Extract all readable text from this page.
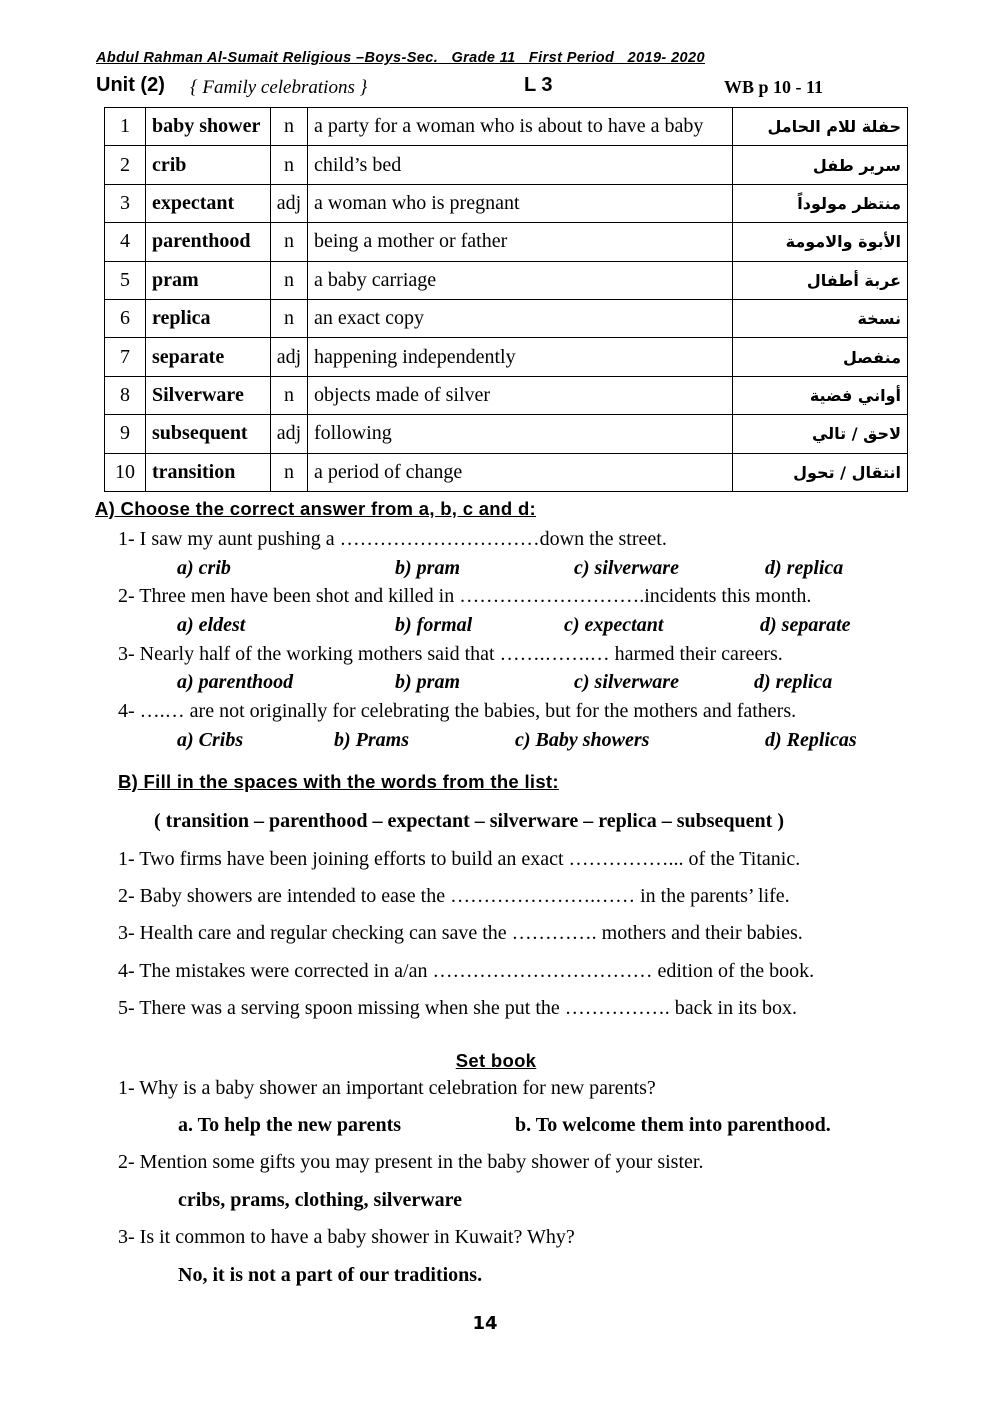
Abdul Rahman Al-Sumait Religious –Boys-Sec.   Grade 11   First Period   2019- 2020
Unit (2) { Family celebrations }	L 3	WB p 10 - 11
1	baby shower	n	a party for a woman who is about to have a baby	حفلة للام الحامل
2	crib	n	child’s bed	سرير طفل
3	expectant	adj	a woman who is pregnant	منتظر مولوداً
4	parenthood	n	being a mother or father	الأبوة والامومة
5	pram	n	a baby carriage	عربة أطفال
6	replica	n	an exact copy	نسخة
7	separate	adj	happening independently	منفصل
8	Silverware	n	objects made of silver	أواني فضية
9	subsequent	adj	following	لاحق / تالي
10	transition	n	a period of change	انتقال / تحول
A) Choose the correct answer from a, b, c and d:
1- I saw my aunt pushing a …………………………down the street.
a) crib	b) pram	c) silverware	d) replica
2- Three men have been shot and killed in ……………………….incidents this month.
a) eldest	b) formal	c) expectant	d) separate
3- Nearly half of the working mothers said that …….…….… harmed their careers.
a) parenthood	b) pram	c) silverware	d) replica
4- ….… are not originally for celebrating the babies, but for the mothers and fathers.
a) Cribs	b) Prams	c) Baby showers	d) Replicas
B) Fill in the spaces with the words from the list:
( transition – parenthood – expectant – silverware – replica – subsequent )
1- Two firms have been joining efforts to build an exact ……………... of the Titanic.
2- Baby showers are intended to ease the ………………….…… in the parents’ life.
3- Health care and regular checking can save the …………. mothers and their babies.
4- The mistakes were corrected in a/an …………………………… edition of the book.
5- There was a serving spoon missing when she put the ……………. back in its box.
Set book
1- Why is a baby shower an important celebration for new parents?
a. To help the new parents	b. To welcome them into parenthood.
2- Mention some gifts you may present in the baby shower of your sister.
cribs, prams, clothing, silverware
3- Is it common to have a baby shower in Kuwait? Why?
No, it is not a part of our traditions.
14
